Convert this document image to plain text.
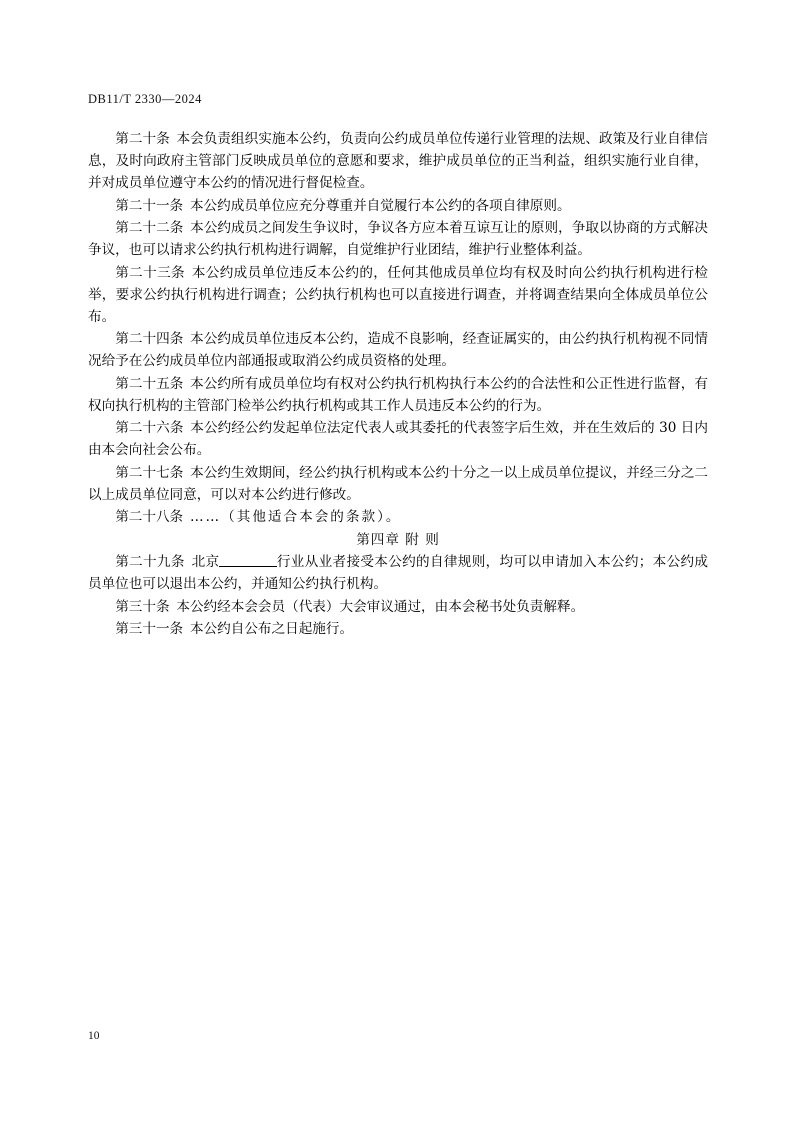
DB11/T 2330—2024

第二十条 本会负责组织实施本公约，负责向公约成员单位传递行业管理的法规、政策及行业自律信息，及时向政府主管部门反映成员单位的意愿和要求，维护成员单位的正当利益，组织实施行业自律，并对成员单位遵守本公约的情况进行督促检查。

第二十一条 本公约成员单位应充分尊重并自觉履行本公约的各项自律原则。

第二十二条 本公约成员之间发生争议时，争议各方应本着互谅互让的原则，争取以协商的方式解决争议，也可以请求公约执行机构进行调解，自觉维护行业团结，维护行业整体利益。

第二十三条 本公约成员单位违反本公约的，任何其他成员单位均有权及时向公约执行机构进行检举，要求公约执行机构进行调查；公约执行机构也可以直接进行调查，并将调查结果向全体成员单位公布。

第二十四条 本公约成员单位违反本公约，造成不良影响，经查证属实的，由公约执行机构视不同情况给予在公约成员单位内部通报或取消公约成员资格的处理。

第二十五条 本公约所有成员单位均有权对公约执行机构执行本公约的合法性和公正性进行监督，有权向执行机构的主管部门检举公约执行机构或其工作人员违反本公约的行为。

第二十六条 本公约经公约发起单位法定代表人或其委托的代表签字后生效，并在生效后的 30 日内由本会向社会公布。

第二十七条 本公约生效期间，经公约执行机构或本公约十分之一以上成员单位提议，并经三分之二以上成员单位同意，可以对本公约进行修改。

第二十八条 ……（其他适合本会的条款）。

第四章 附 则

第二十九条 北京	行业从业者接受本公约的自律规则，均可以申请加入本公约；本公约成员单位也可以退出本公约，并通知公约执行机构。

第三十条 本公约经本会会员（代表）大会审议通过，由本会秘书处负责解释。

第三十一条 本公约自公布之日起施行。

10
